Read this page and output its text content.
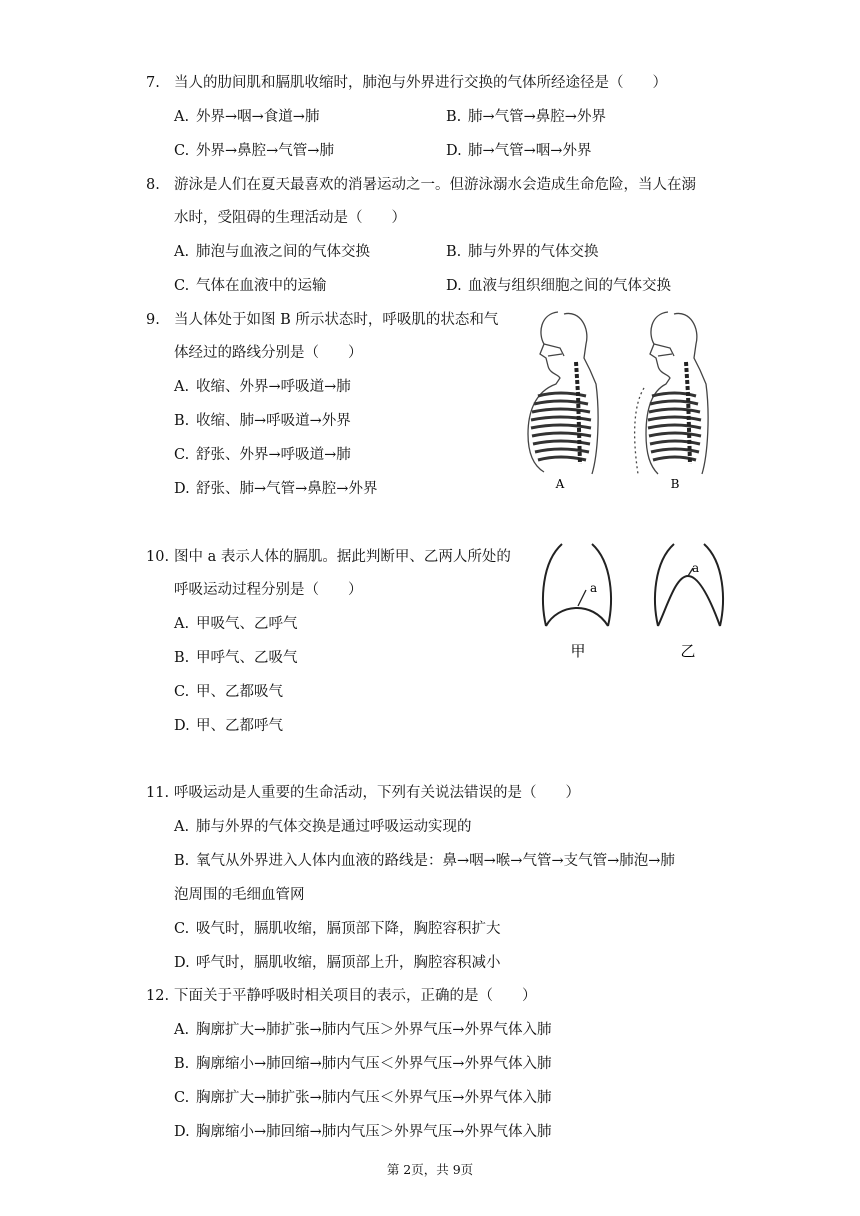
7. 当人的肋间肌和膈肌收缩时，肺泡与外界进行交换的气体所经途径是（　　）
A. 外界→咽→食道→肺	B. 肺→气管→鼻腔→外界
C. 外界→鼻腔→气管→肺	D. 肺→气管→咽→外界
8. 游泳是人们在夏天最喜欢的消暑运动之一。但游泳溺水会造成生命危险，当人在溺
水时，受阻碍的生理活动是（　　）
A. 肺泡与血液之间的气体交换	B. 肺与外界的气体交换
C. 气体在血液中的运输	D. 血液与组织细胞之间的气体交换
9. 当人体处于如图 B 所示状态时，呼吸肌的状态和气
体经过的路线分别是（　　）
A. 收缩、外界→呼吸道→肺
B. 收缩、肺→呼吸道→外界
C. 舒张、外界→呼吸道→肺
D. 舒张、肺→气管→鼻腔→外界	A	B
10. 图中 a 表示人体的膈肌。据此判断甲、乙两人所处的
呼吸运动过程分别是（　　）
A. 甲吸气、乙呼气
B. 甲呼气、乙吸气
C. 甲、乙都吸气
D. 甲、乙都呼气
a
a
甲	乙
11. 呼吸运动是人重要的生命活动，下列有关说法错误的是（　　）
A. 肺与外界的气体交换是通过呼吸运动实现的
B. 氧气从外界进入人体内血液的路线是：鼻→咽→喉→气管→支气管→肺泡→肺
泡周围的毛细血管网
C. 吸气时，膈肌收缩，膈顶部下降，胸腔容积扩大
D. 呼气时，膈肌收缩，膈顶部上升，胸腔容积减小
12. 下面关于平静呼吸时相关项目的表示，正确的是（　　）
A. 胸廓扩大→肺扩张→肺内气压＞外界气压→外界气体入肺
B. 胸廓缩小→肺回缩→肺内气压＜外界气压→外界气体入肺
C. 胸廓扩大→肺扩张→肺内气压＜外界气压→外界气体入肺
D. 胸廓缩小→肺回缩→肺内气压＞外界气压→外界气体入肺
第 2页，共 9页
